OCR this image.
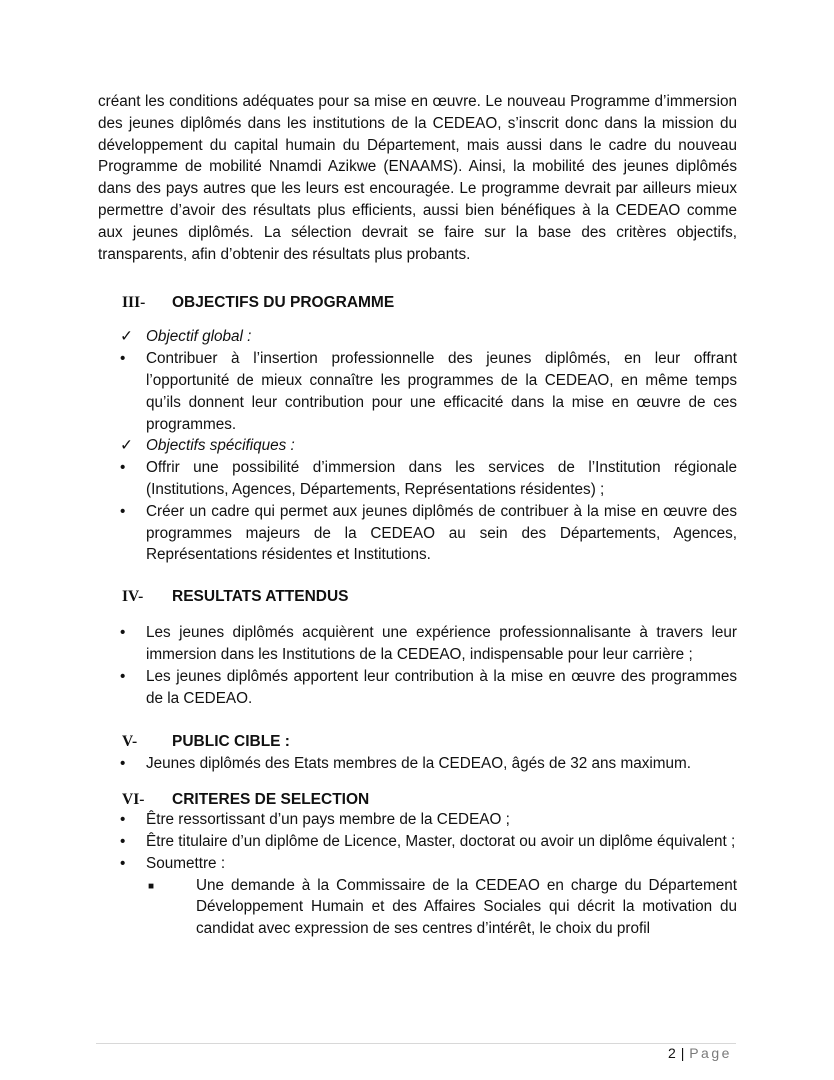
créant les conditions adéquates pour sa mise en œuvre. Le nouveau Programme d’immersion des jeunes diplômés dans les institutions de la CEDEAO, s’inscrit donc dans la mission du développement du capital humain du Département, mais aussi dans le cadre du nouveau Programme de mobilité Nnamdi Azikwe (ENAAMS). Ainsi, la mobilité des jeunes diplômés dans des pays autres que les leurs est encouragée. Le programme devrait par ailleurs mieux permettre d’avoir des résultats plus efficients, aussi bien bénéfiques à la CEDEAO comme aux jeunes diplômés. La sélection devrait se faire sur la base des critères objectifs, transparents, afin d’obtenir des résultats plus probants.

III-	OBJECTIFS DU PROGRAMME
✓ Objectif global :
•	Contribuer à l’insertion professionnelle des jeunes diplômés, en leur offrant l’opportunité de mieux connaître les programmes de la CEDEAO, en même temps qu’ils donnent leur contribution pour une efficacité dans la mise en œuvre de ces programmes.
✓ Objectifs spécifiques :
•	Offrir une possibilité d’immersion dans les services de l’Institution régionale (Institutions, Agences, Départements, Représentations résidentes) ;
•	Créer un cadre qui permet aux jeunes diplômés de contribuer à la mise en œuvre des programmes majeurs de la CEDEAO au sein des Départements, Agences, Représentations résidentes et Institutions.
IV-	RESULTATS ATTENDUS
•	Les jeunes diplômés acquièrent une expérience professionnalisante à travers leur immersion dans les Institutions de la CEDEAO, indispensable pour leur carrière ;
•	Les jeunes diplômés apportent leur contribution à la mise en œuvre des programmes de la CEDEAO.
V-	PUBLIC CIBLE :
•	Jeunes diplômés des Etats membres de la CEDEAO, âgés de 32 ans maximum.
VI-	CRITERES DE SELECTION
•	Être ressortissant d’un pays membre de la CEDEAO ;
•	Être titulaire d’un diplôme de Licence, Master, doctorat ou avoir un diplôme équivalent ;
•	Soumettre :
■	Une demande à la Commissaire de la CEDEAO en charge du Département Développement Humain et des Affaires Sociales qui décrit la motivation du candidat avec expression de ses centres d’intérêt, le choix du profil
2 | Page
